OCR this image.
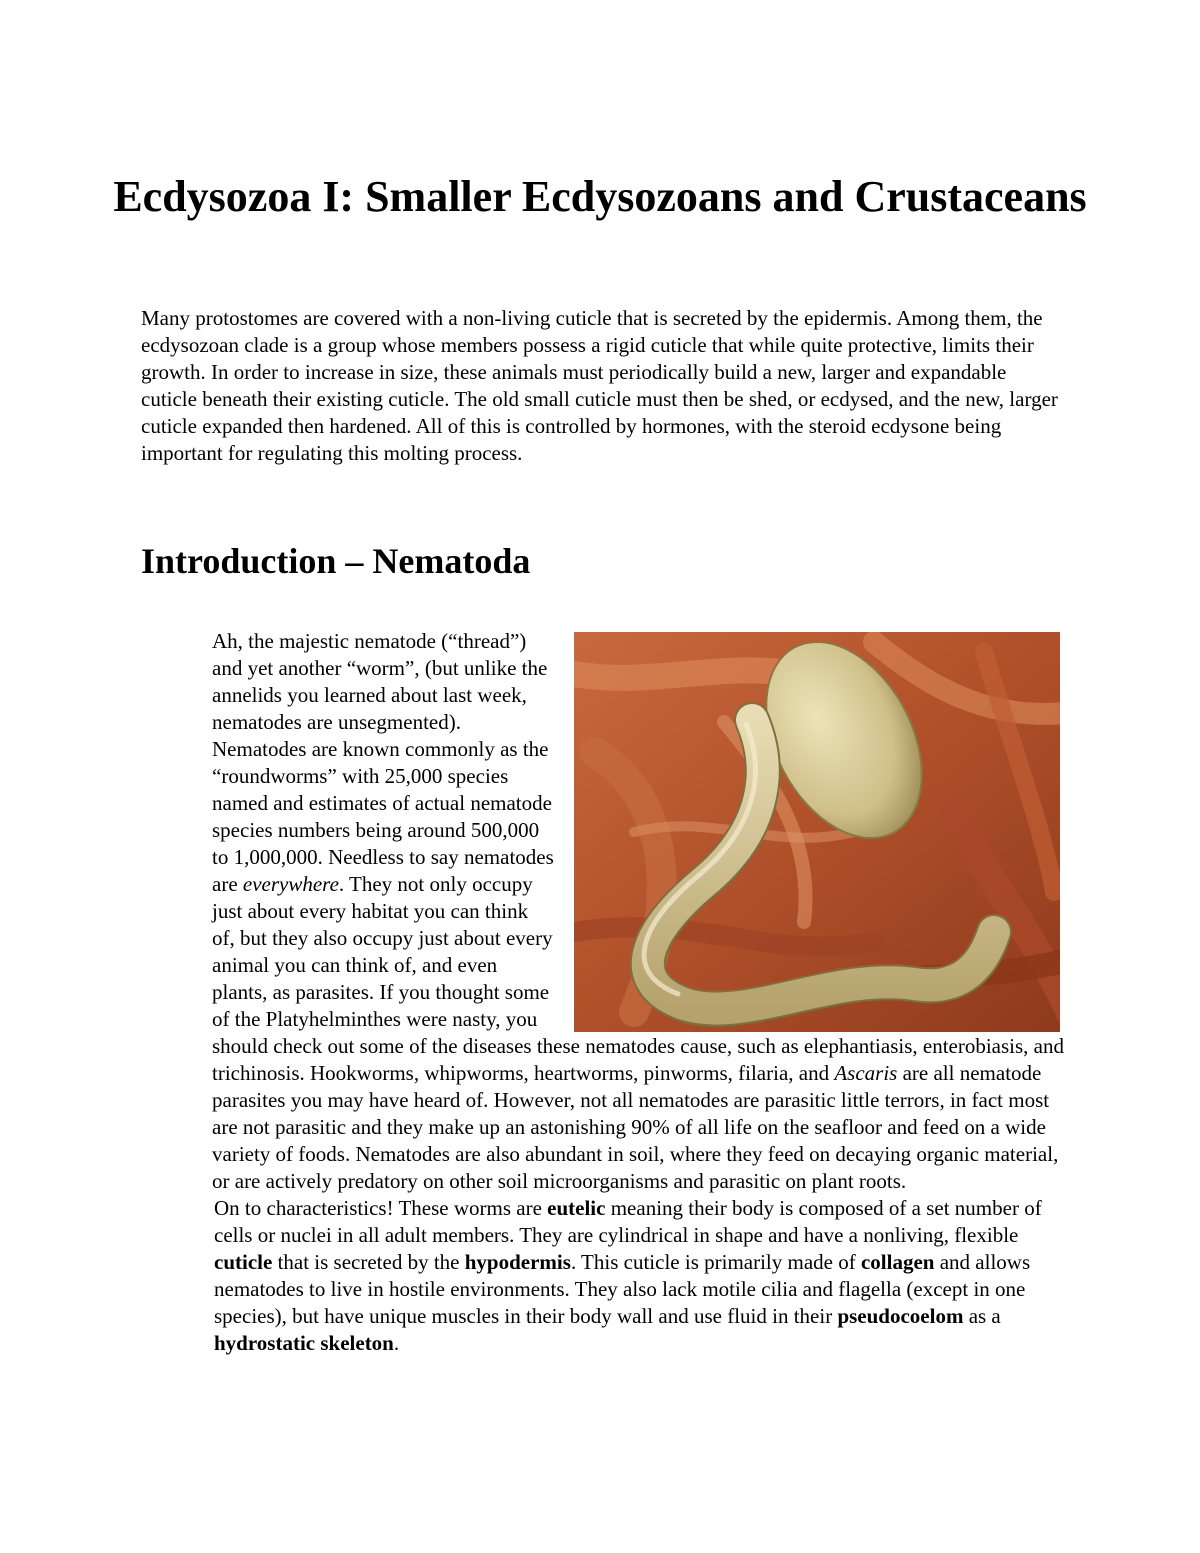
Ecdysozoa I: Smaller Ecdysozoans and Crustaceans

Many protostomes are covered with a non-living cuticle that is secreted by the epidermis. Among them, the ecdysozoan clade is a group whose members possess a rigid cuticle that while quite protective, limits their growth. In order to increase in size, these animals must periodically build a new, larger and expandable cuticle beneath their existing cuticle. The old small cuticle must then be shed, or ecdysed, and the new, larger cuticle expanded then hardened. All of this is controlled by hormones, with the steroid ecdysone being important for regulating this molting process.

Introduction – Nematoda

Ah, the majestic nematode (“thread”) and yet another “worm”, (but unlike the annelids you learned about last week, nematodes are unsegmented). Nematodes are known commonly as the “roundworms” with 25,000 species named and estimates of actual nematode species numbers being around 500,000 to 1,000,000. Needless to say nematodes are everywhere. They not only occupy just about every habitat you can think of, but they also occupy just about every animal you can think of, and even plants, as parasites. If you thought some of the Platyhelminthes were nasty, you should check out some of the diseases these nematodes cause, such as elephantiasis, enterobiasis, and trichinosis. Hookworms, whipworms, heartworms, pinworms, filaria, and Ascaris are all nematode parasites you may have heard of. However, not all nematodes are parasitic little terrors, in fact most are not parasitic and they make up an astonishing 90% of all life on the seafloor and feed on a wide variety of foods. Nematodes are also abundant in soil, where they feed on decaying organic material, or are actively predatory on other soil microorganisms and parasitic on plant roots.

On to characteristics! These worms are eutelic meaning their body is composed of a set number of cells or nuclei in all adult members. They are cylindrical in shape and have a nonliving, flexible cuticle that is secreted by the hypodermis. This cuticle is primarily made of collagen and allows nematodes to live in hostile environments. They also lack motile cilia and flagella (except in one species), but have unique muscles in their body wall and use fluid in their pseudocoelom as a hydrostatic skeleton.
